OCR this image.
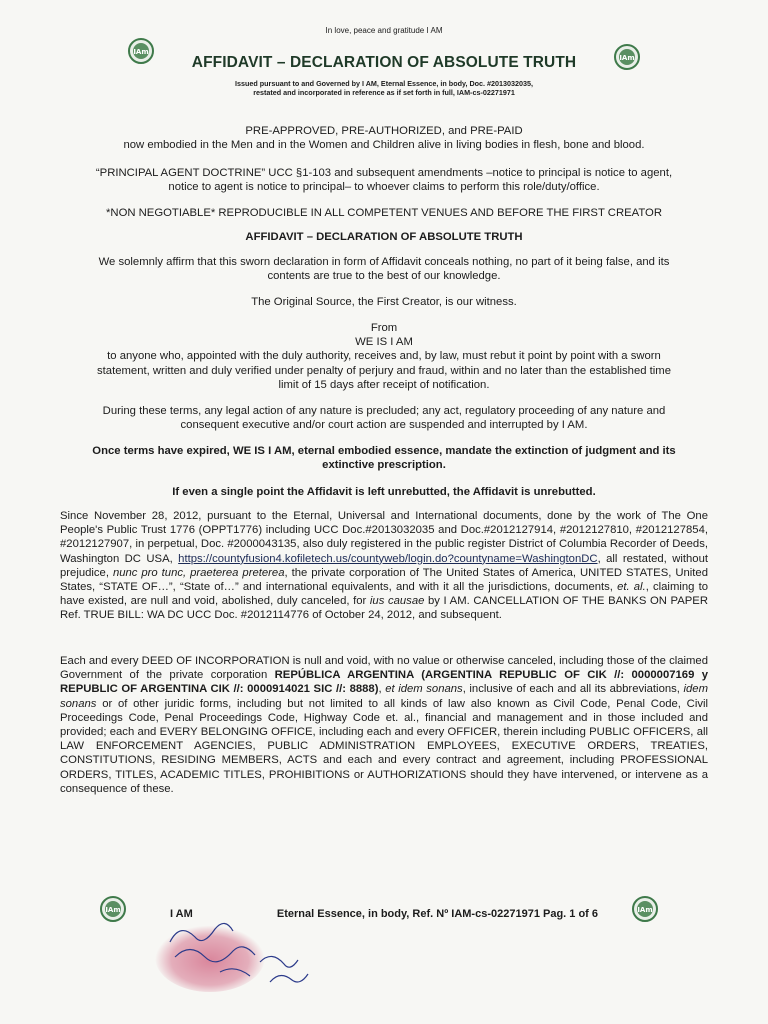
In love, peace and gratitude I AM
IAm
IAm
AFFIDAVIT – DECLARATION OF ABSOLUTE TRUTH
Issued pursuant to and Governed by I AM, Eternal Essence, in body, Doc. #2013032035,
restated and incorporated in reference as if set forth in full, IAM-cs-02271971
PRE-APPROVED, PRE-AUTHORIZED, and PRE-PAID
now embodied in the Men and in the Women and Children alive in living bodies in flesh, bone and blood.
“PRINCIPAL AGENT DOCTRINE” UCC §1-103 and subsequent amendments –notice to principal is notice to agent,
notice to agent is notice to principal– to whoever claims to perform this role/duty/office.
*NON NEGOTIABLE* REPRODUCIBLE IN ALL COMPETENT VENUES AND BEFORE THE FIRST CREATOR
AFFIDAVIT – DECLARATION OF ABSOLUTE TRUTH
We solemnly affirm that this sworn declaration in form of Affidavit conceals nothing, no part of it being false, and its
contents are true to the best of our knowledge.
The Original Source, the First Creator, is our witness.
From
WE IS I AM
to anyone who, appointed with the duly authority, receives and, by law, must rebut it point by point with a sworn
statement, written and duly verified under penalty of perjury and fraud, within and no later than the established time
limit of 15 days after receipt of notification.
During these terms, any legal action of any nature is precluded; any act, regulatory proceeding of any nature and
consequent executive and/or court action are suspended and interrupted by I AM.
Once terms have expired, WE IS I AM, eternal embodied essence, mandate the extinction of judgment and its
extinctive prescription.
If even a single point the Affidavit is left unrebutted, the Affidavit is unrebutted.
Since November 28, 2012, pursuant to the Eternal, Universal and International documents, done by the work of The One People's Public Trust 1776 (OPPT1776) including UCC Doc.#2013032035 and Doc.#2012127914, #2012127810, #2012127854, #2012127907, in perpetual, Doc. #2000043135, also duly registered in the public register District of Columbia Recorder of Deeds, Washington DC USA, https://countyfusion4.kofiletech.us/countyweb/login.do?countyname=WashingtonDC, all restated, without prejudice, nunc pro tunc, praeterea preterea, the private corporation of The United States of America, UNITED STATES, United States, “STATE OF…”, “State of…” and international equivalents, and with it all the jurisdictions, documents, et. al., claiming to have existed, are null and void, abolished, duly canceled, for ius causae by I AM. CANCELLATION OF THE BANKS ON PAPER Ref. TRUE BILL: WA DC UCC Doc. #2012114776 of October 24, 2012, and subsequent.
Each and every DEED OF INCORPORATION is null and void, with no value or otherwise canceled, including those of the claimed Government of the private corporation REPÚBLICA ARGENTINA (ARGENTINA REPUBLIC OF CIK //: 0000007169 y REPUBLIC OF ARGENTINA CIK //: 0000914021 SIC //: 8888), et idem sonans, inclusive of each and all its abbreviations, idem sonans or of other juridic forms, including but not limited to all kinds of law also known as Civil Code, Penal Code, Civil Proceedings Code, Penal Proceedings Code, Highway Code et. al., financial and management and in those included and provided; each and EVERY BELONGING OFFICE, including each and every OFFICER, therein including PUBLIC OFFICERS, all LAW ENFORCEMENT AGENCIES, PUBLIC ADMINISTRATION EMPLOYEES, EXECUTIVE ORDERS, TREATIES, CONSTITUTIONS, RESIDING MEMBERS, ACTS and each and every contract and agreement, including PROFESSIONAL ORDERS, TITLES, ACADEMIC TITLES, PROHIBITIONS or AUTHORIZATIONS should they have intervened, or intervene as a consequence of these.
IAm	IAm
I AM	Eternal Essence, in body, Ref. Nº IAM-cs-02271971 Pag. 1 of 6
